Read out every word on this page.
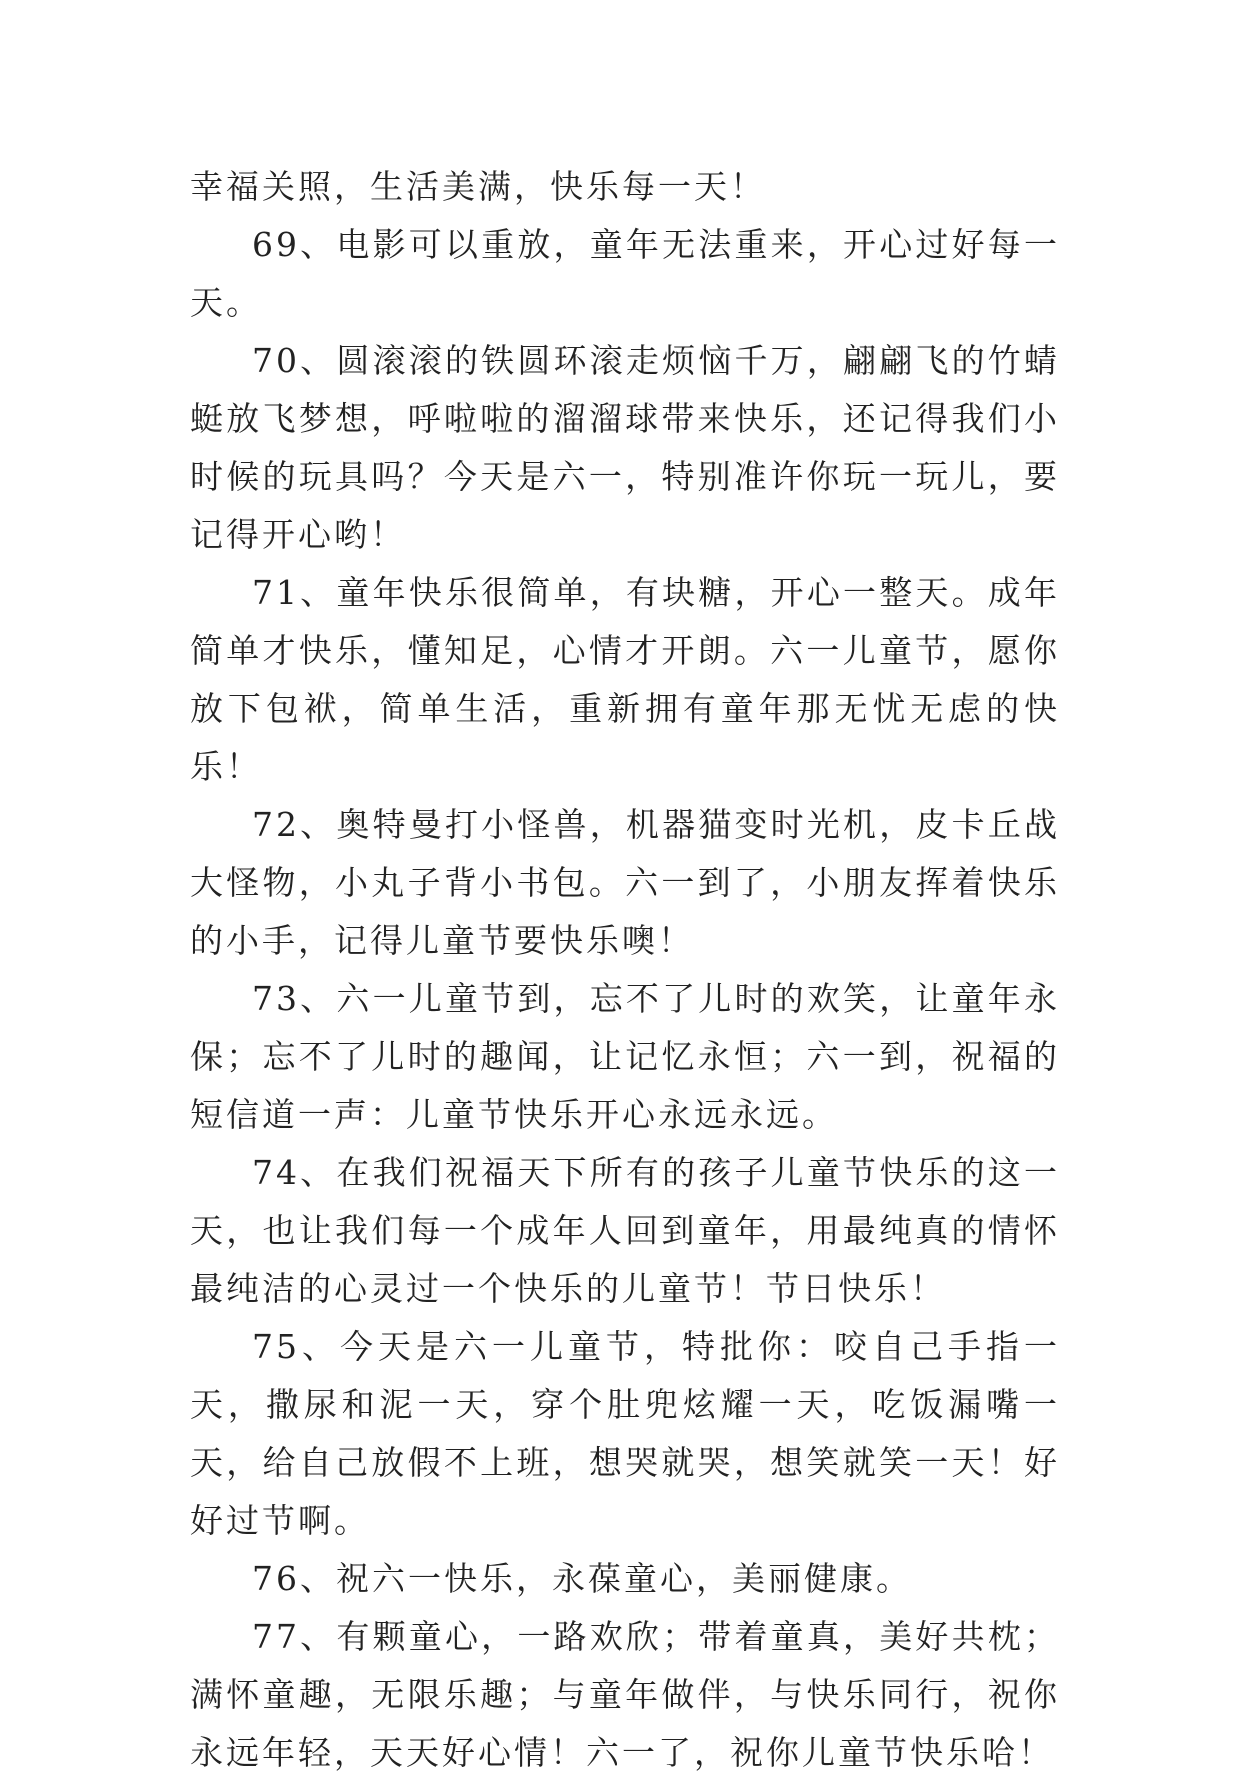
幸福关照，生活美满，快乐每一天！

69、电影可以重放，童年无法重来，开心过好每一天。

70、圆滚滚的铁圆环滚走烦恼千万，翩翩飞的竹蜻蜓放飞梦想，呼啦啦的溜溜球带来快乐，还记得我们小时候的玩具吗？今天是六一，特别准许你玩一玩儿，要记得开心哟！

71、童年快乐很简单，有块糖，开心一整天。成年简单才快乐，懂知足，心情才开朗。六一儿童节，愿你放下包袱，简单生活，重新拥有童年那无忧无虑的快乐！

72、奥特曼打小怪兽，机器猫变时光机，皮卡丘战大怪物，小丸子背小书包。六一到了，小朋友挥着快乐的小手，记得儿童节要快乐噢！

73、六一儿童节到，忘不了儿时的欢笑，让童年永保；忘不了儿时的趣闻，让记忆永恒；六一到，祝福的短信道一声：儿童节快乐开心永远永远。

74、在我们祝福天下所有的孩子儿童节快乐的这一天，也让我们每一个成年人回到童年，用最纯真的情怀最纯洁的心灵过一个快乐的儿童节！节日快乐！

75、今天是六一儿童节，特批你：咬自己手指一天，撒尿和泥一天，穿个肚兜炫耀一天，吃饭漏嘴一天，给自己放假不上班，想哭就哭，想笑就笑一天！好好过节啊。

76、祝六一快乐，永葆童心，美丽健康。

77、有颗童心，一路欢欣；带着童真，美好共枕；满怀童趣，无限乐趣；与童年做伴，与快乐同行，祝你永远年轻，天天好心情！六一了，祝你儿童节快乐哈！
